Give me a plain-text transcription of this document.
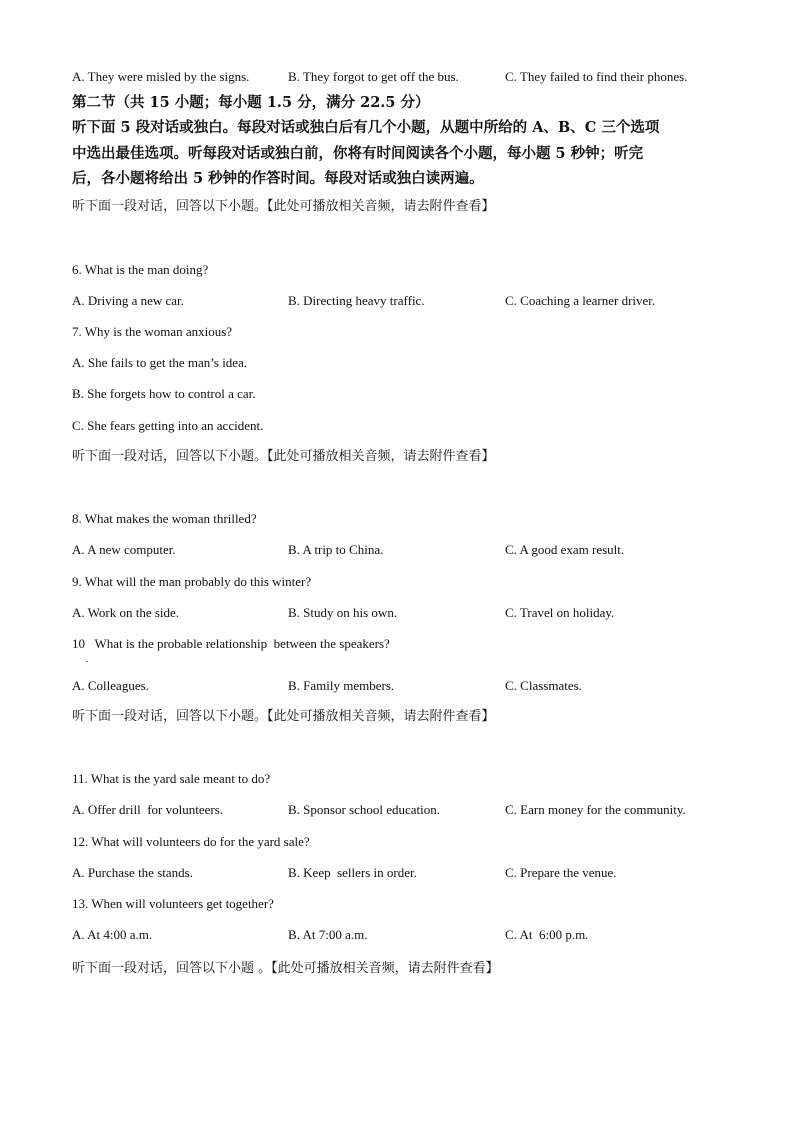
A. They were misled by the signs.	B. They forgot to get off the bus.	C. They failed to find their phones.
第二节（共 15 小题；每小题 1.5 分，满分 22.5 分）
听下面 5 段对话或独白。每段对话或独白后有几个小题，从题中所给的 A、B、C 三个选项
中选出最佳选项。听每段对话或独白前，你将有时间阅读各个小题，每小题 5 秒钟；听完
后，各小题将给出 5 秒钟的作答时间。每段对话或独白读两遍。
听下面一段对话，回答以下小题。【此处可播放相关音频，请去附件查看】
6. What is the man doing?
A. Driving a new car.	B. Directing heavy traffic.	C. Coaching a learner driver.
7. Why is the woman anxious?
A. She fails to get the man’s idea.
B. She forgets how to control a car.
C. She fears getting into an accident.
听下面一段对话，回答以下小题。【此处可播放相关音频，请去附件查看】
8. What makes the woman thrilled?
A. A new computer.	B. A trip to China.	C. A good exam result.
9. What will the man probably do this winter?
A. Work on the side.	B. Study on his own.	C. Travel on holiday.
10   What is the probable relationship  between the speakers?
.
A. Colleagues.	B. Family members.	C. Classmates.
听下面一段对话，回答以下小题。【此处可播放相关音频，请去附件查看】
11. What is the yard sale meant to do?
A. Offer drill  for volunteers.	B. Sponsor school education.	C. Earn money for the community.
12. What will volunteers do for the yard sale?
A. Purchase the stands.	B. Keep  sellers in order.	C. Prepare the venue.
13. When will volunteers get together?
A. At 4:00 a.m.	B. At 7:00 a.m.	C. At  6:00 p.m.
听下面一段对话，回答以下小题 。【此处可播放相关音频，请去附件查看】
